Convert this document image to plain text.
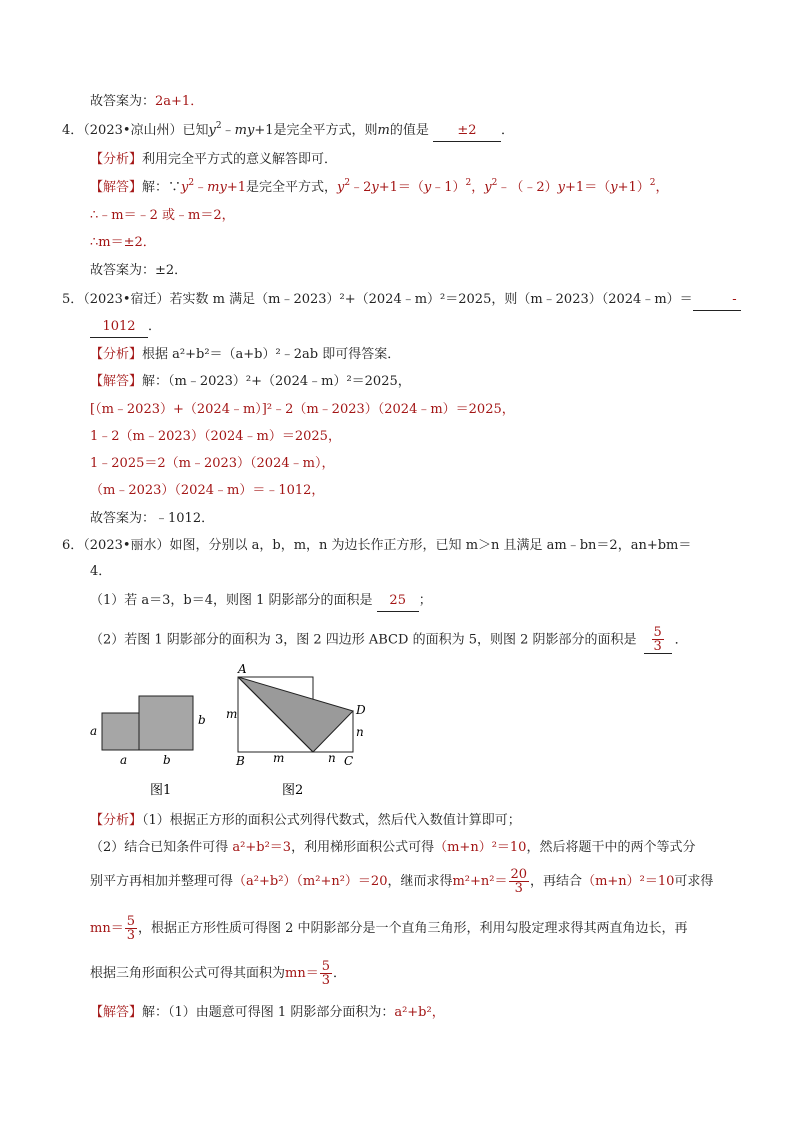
故答案为：2a+1．
4．（2023•凉山州）已知$y^2﹣my+1$是完全平方式，则m的值是 ±2 ．
【分析】利用完全平方式的意义解答即可．
【解答】解：$\because y^2﹣my+1$是完全平方式，$y^2﹣2y+1=(y﹣1)^2$，$y^2﹣(﹣2)y+1=(y+1)^2$，
∴﹣m＝﹣2 或﹣m＝2，
∴m＝±2．
故答案为：±2．
5．（2023•宿迁）若实数 m 满足（m﹣2023）²+（2024﹣m）²＝2025，则（m﹣2023）（2024﹣m）＝	-
1012 ．
【分析】根据 a²+b²＝（a+b）²﹣2ab 即可得答案．
【解答】解：（m﹣2023）²+（2024﹣m）²＝2025，
[（m﹣2023）+（2024﹣m）]²﹣2（m﹣2023）（2024﹣m）＝2025，
1﹣2（m﹣2023）（2024﹣m）＝2025，
1﹣2025＝2（m﹣2023）（2024﹣m），
（m﹣2023）（2024﹣m）＝﹣1012，
故答案为：﹣1012．
6．（2023•丽水）如图，分别以 a，b，m，n 为边长作正方形，已知 m＞n 且满足 am﹣bn＝2，an+bm＝
4．
（1）若 a＝3，b＝4，则图 1 阴影部分的面积是 25 ；
（2）若图 1 阴影部分的面积为 3，图 2 四边形 ABCD 的面积为 5，则图 2 阴影部分的面积是 $\frac{5}{3}$ ．
a
a
b
b
图1
A
B	C
D
m
m	n
n
图2
【分析】（1）根据正方形的面积公式列得代数式，然后代入数值计算即可；
（2）结合已知条件可得 a²+b²＝3，利用梯形面积公式可得（m+n）²＝10，然后将题干中的两个等式分
别平方再相加并整理可得（a²+b²）（m²+n²）＝20，继而求得$m^2+n^2= \frac{20}{3}$ ，再结合（m+n）²＝10可求得
$mn= \frac{5}{3}$ ，根据正方形性质可得图 2 中阴影部分是一个直角三角形，利用勾股定理求得其两直角边长，再
根据三角形面积公式可得其面积为$mn= \frac{5}{3}$ ．
【解答】解：（1）由题意可得图 1 阴影部分面积为：a²+b²，
